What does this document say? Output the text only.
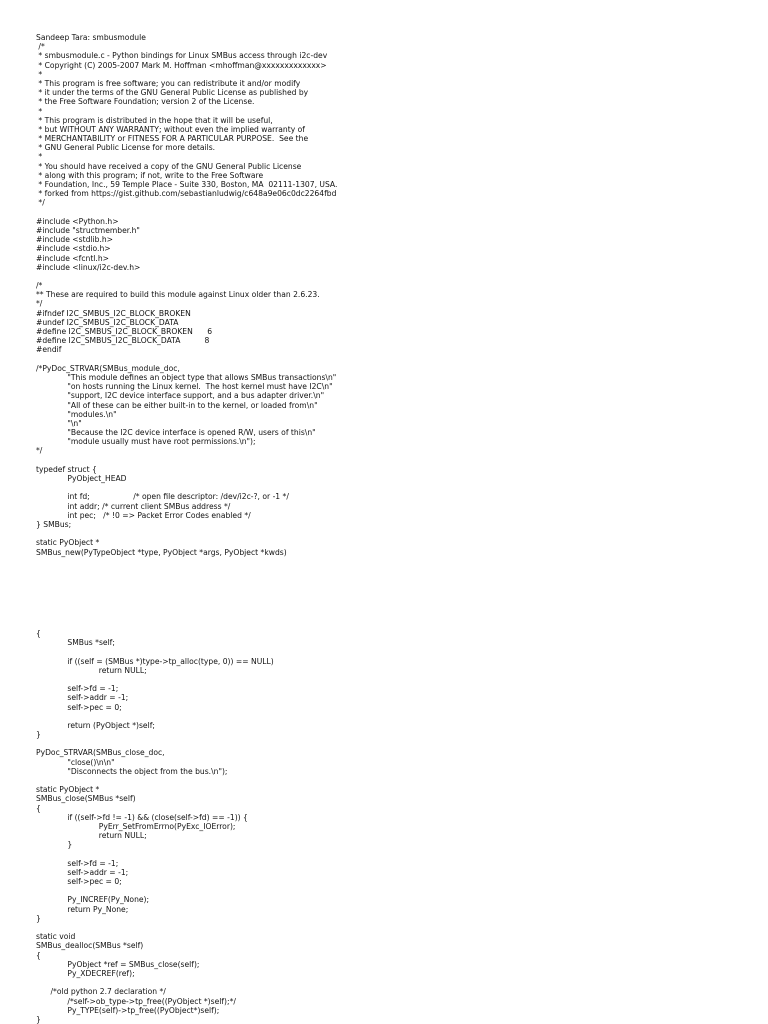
Sandeep Tara: smbusmodule
/*
* smbusmodule.c - Python bindings for Linux SMBus access through i2c-dev
* Copyright (C) 2005-2007 Mark M. Hoffman <mhoffman@xxxxxxxxxxxxx>
*
* This program is free software; you can redistribute it and/or modify
* it under the terms of the GNU General Public License as published by
* the Free Software Foundation; version 2 of the License.
*
* This program is distributed in the hope that it will be useful,
* but WITHOUT ANY WARRANTY; without even the implied warranty of
* MERCHANTABILITY or FITNESS FOR A PARTICULAR PURPOSE.  See the
* GNU General Public License for more details.
*
* You should have received a copy of the GNU General Public License
* along with this program; if not, write to the Free Software
* Foundation, Inc., 59 Temple Place - Suite 330, Boston, MA  02111-1307, USA.
* forked from https://gist.github.com/sebastianludwig/c648a9e06c0dc2264fbd
*/

#include <Python.h>
#include "structmember.h"
#include <stdlib.h>
#include <stdio.h>
#include <fcntl.h>
#include <linux/i2c-dev.h>

/*
** These are required to build this module against Linux older than 2.6.23.
*/
#ifndef I2C_SMBUS_I2C_BLOCK_BROKEN
#undef I2C_SMBUS_I2C_BLOCK_DATA
#define I2C_SMBUS_I2C_BLOCK_BROKEN      6
#define I2C_SMBUS_I2C_BLOCK_DATA          8
#endif

/*PyDoc_STRVAR(SMBus_module_doc,
"This module defines an object type that allows SMBus transactions\n"
"on hosts running the Linux kernel.  The host kernel must have I2C\n"
"support, I2C device interface support, and a bus adapter driver.\n"
"All of these can be either built-in to the kernel, or loaded from\n"
"modules.\n"
"\n"
"Because the I2C device interface is opened R/W, users of this\n"
"module usually must have root permissions.\n");
*/

typedef struct {
PyObject_HEAD

int fd;                  /* open file descriptor: /dev/i2c-?, or -1 */
int addr; /* current client SMBus address */
int pec;   /* !0 => Packet Error Codes enabled */
} SMBus;

static PyObject *
SMBus_new(PyTypeObject *type, PyObject *args, PyObject *kwds)
{
SMBus *self;

if ((self = (SMBus *)type->tp_alloc(type, 0)) == NULL)
return NULL;

self->fd = -1;
self->addr = -1;
self->pec = 0;

return (PyObject *)self;
}

PyDoc_STRVAR(SMBus_close_doc,
"close()\n\n"
"Disconnects the object from the bus.\n");

static PyObject *
SMBus_close(SMBus *self)
{
if ((self->fd != -1) && (close(self->fd) == -1)) {
PyErr_SetFromErrno(PyExc_IOError);
return NULL;
}

self->fd = -1;
self->addr = -1;
self->pec = 0;

Py_INCREF(Py_None);
return Py_None;
}

static void
SMBus_dealloc(SMBus *self)
{
PyObject *ref = SMBus_close(self);
Py_XDECREF(ref);

/*old python 2.7 declaration */
/*self->ob_type->tp_free((PyObject *)self);*/
Py_TYPE(self)->tp_free((PyObject*)self);
}
